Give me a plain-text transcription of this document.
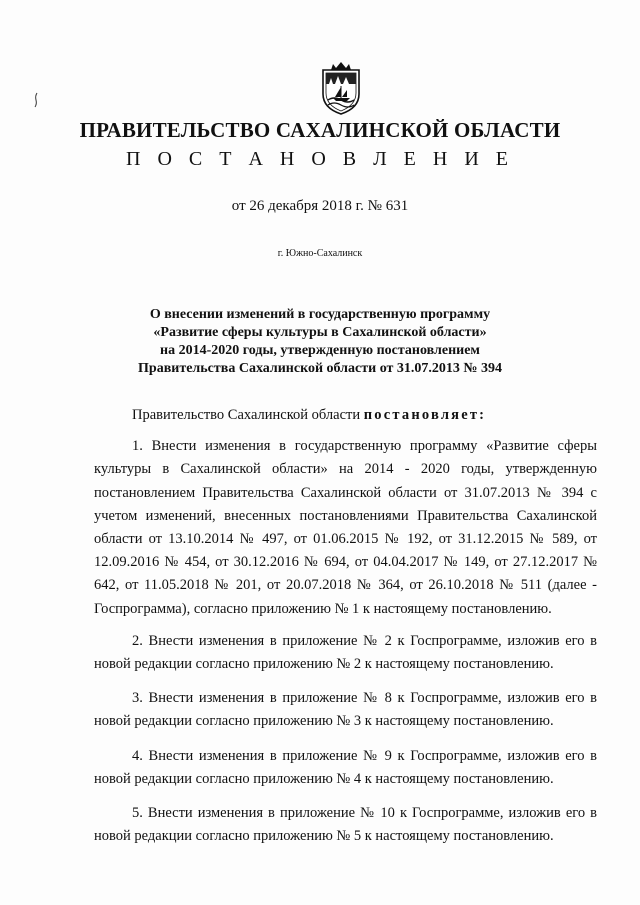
ПРАВИТЕЛЬСТВО САХАЛИНСКОЙ ОБЛАСТИ
П О С Т А Н О В Л Е Н И Е
от 26 декабря 2018 г. № 631
г. Южно-Сахалинск
О внесении изменений в государственную программу
«Развитие сферы культуры в Сахалинской области»
на 2014-2020 годы, утвержденную постановлением
Правительства Сахалинской области от 31.07.2013 № 394

Правительство Сахалинской области постановляет:

1. Внести изменения в государственную программу «Развитие сферы культуры в Сахалинской области» на 2014 - 2020 годы, утвержденную постановлением Правительства Сахалинской области от 31.07.2013 № 394 с учетом изменений, внесенных постановлениями Правительства Сахалинской области от 13.10.2014 № 497, от 01.06.2015 № 192, от 31.12.2015 № 589, от 12.09.2016 № 454, от 30.12.2016 № 694, от 04.04.2017 № 149, от 27.12.2017 № 642, от 11.05.2018 № 201, от 20.07.2018 № 364, от 26.10.2018 № 511 (далее - Госпрограмма), согласно приложению № 1 к настоящему постановлению.

2. Внести изменения в приложение № 2 к Госпрограмме, изложив его в новой редакции согласно приложению № 2 к настоящему постановлению.

3. Внести изменения в приложение № 8 к Госпрограмме, изложив его в новой редакции согласно приложению № 3 к настоящему постановлению.

4. Внести изменения в приложение № 9 к Госпрограмме, изложив его в новой редакции согласно приложению № 4 к настоящему постановлению.

5. Внести изменения в приложение № 10 к Госпрограмме, изложив его в новой редакции согласно приложению № 5 к настоящему постановлению.
